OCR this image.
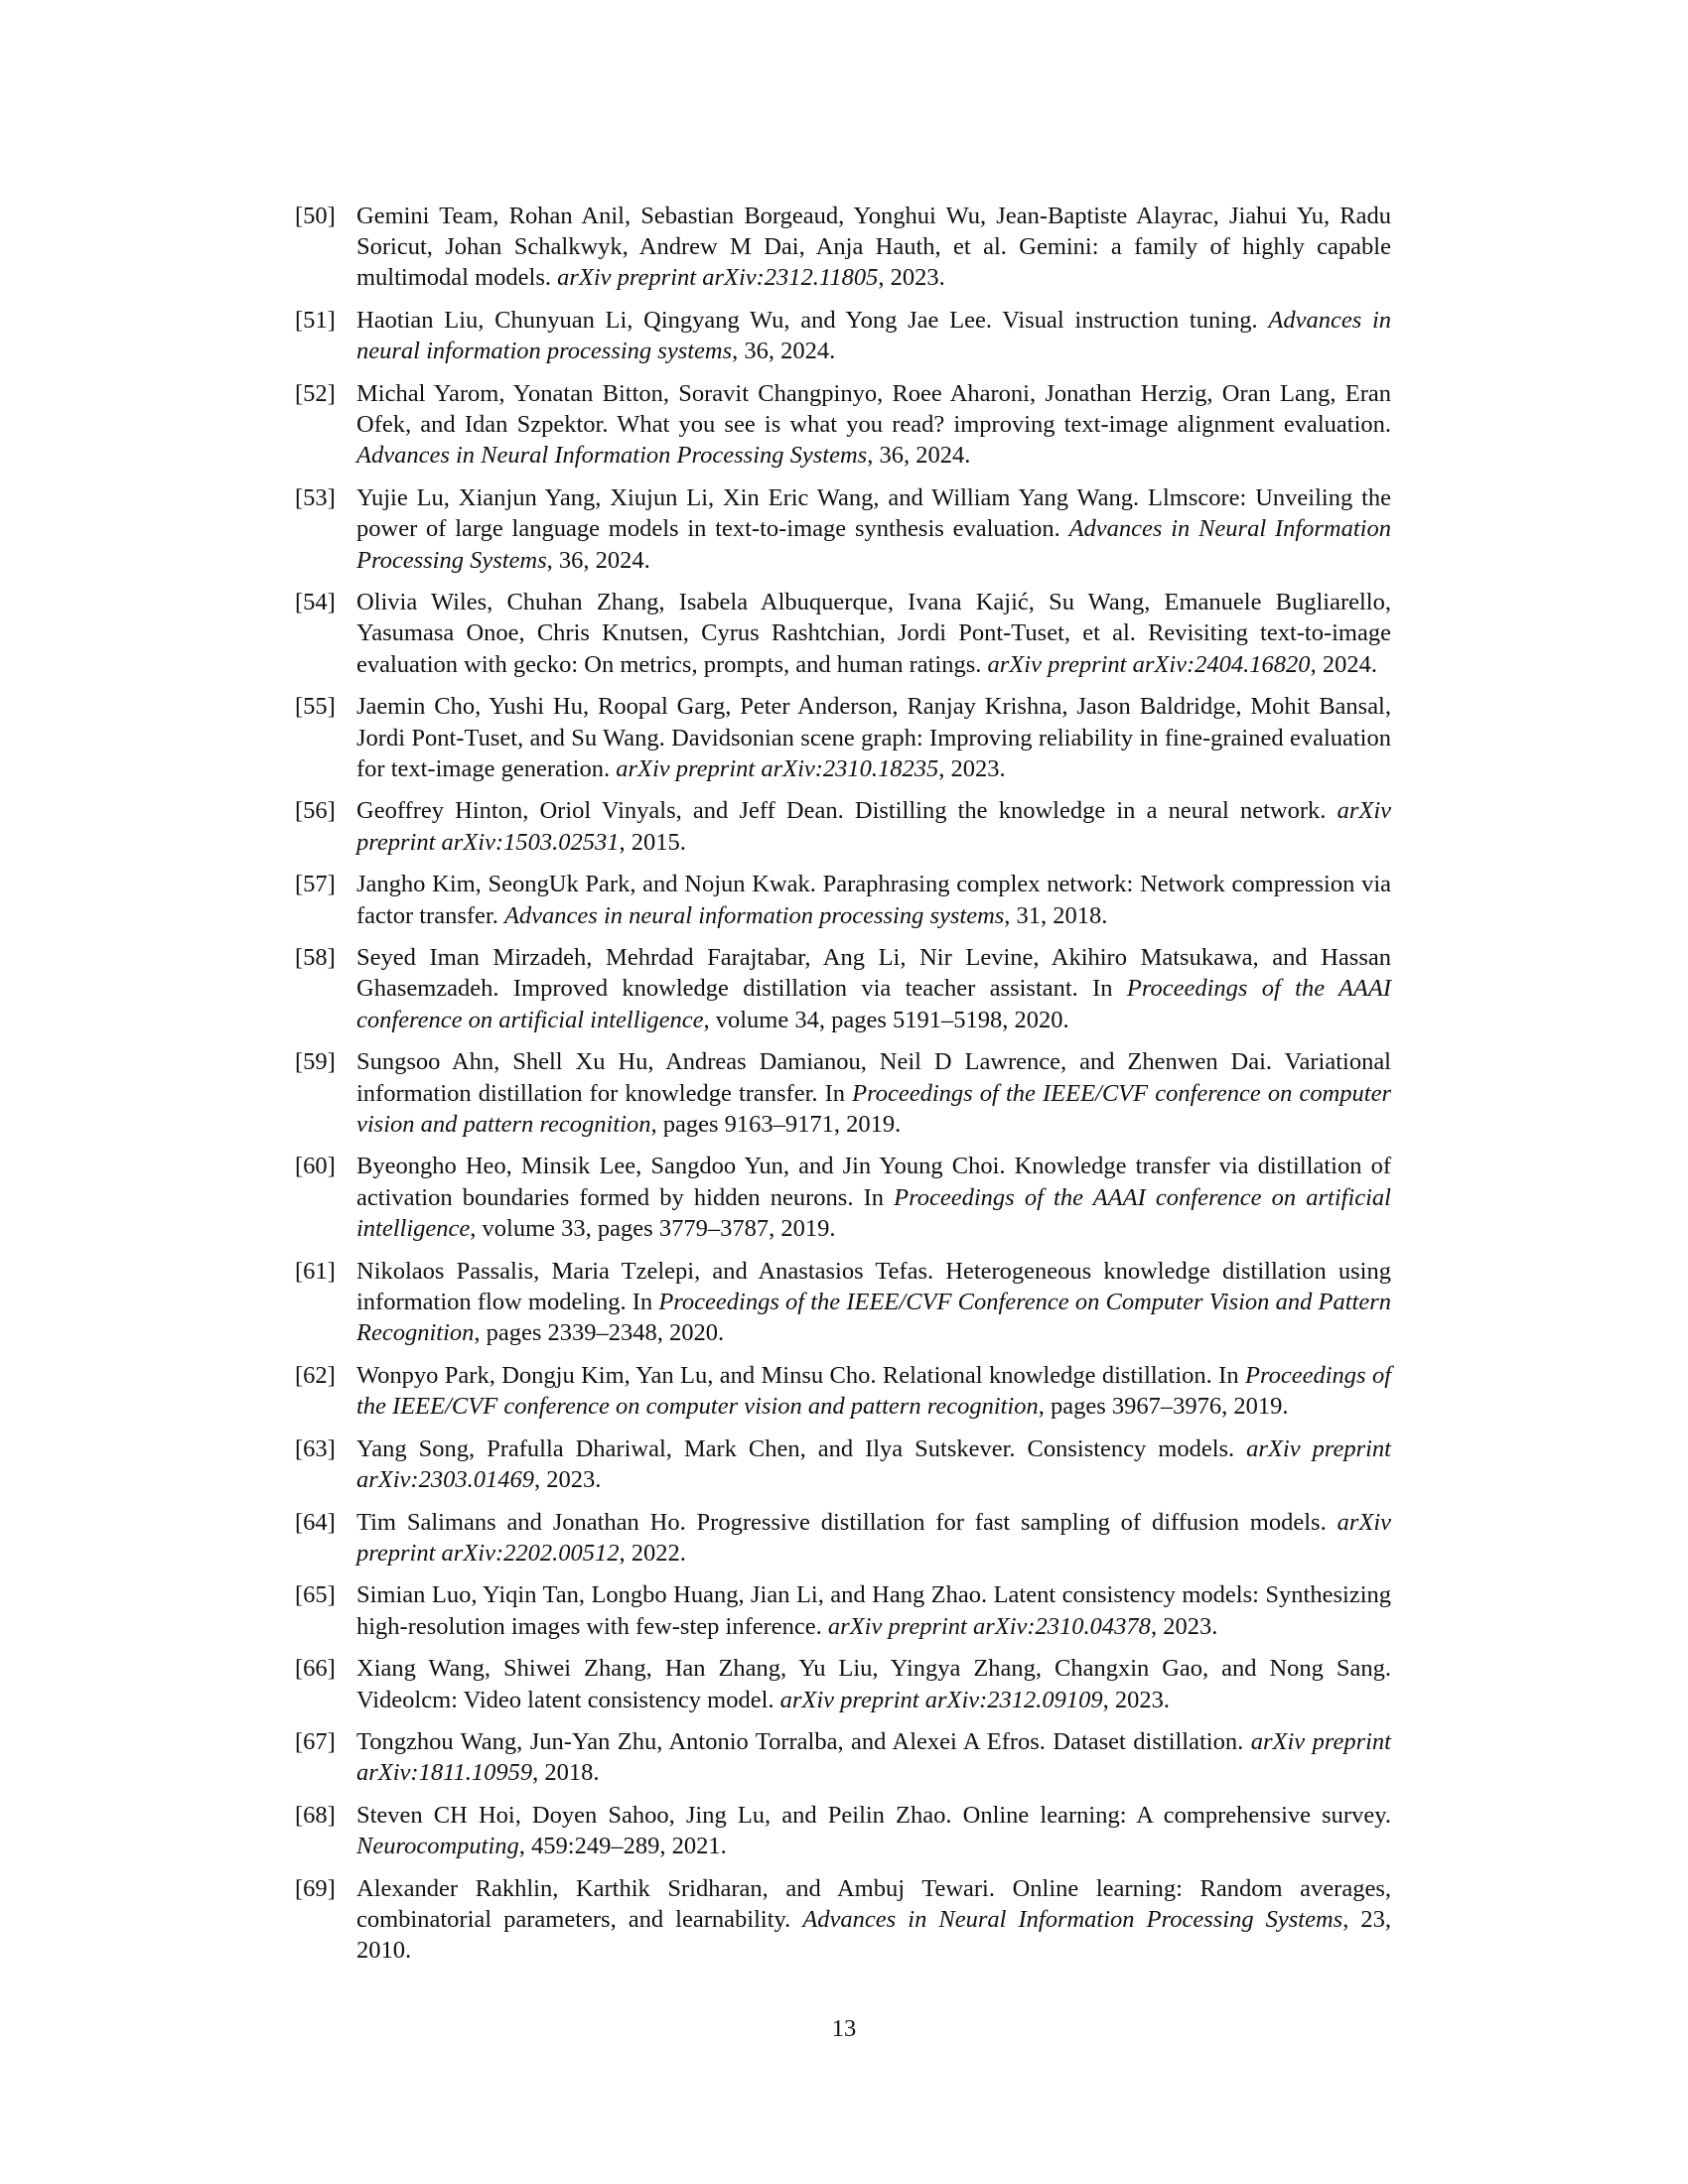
[50] Gemini Team, Rohan Anil, Sebastian Borgeaud, Yonghui Wu, Jean-Baptiste Alayrac, Jiahui Yu, Radu Soricut, Johan Schalkwyk, Andrew M Dai, Anja Hauth, et al. Gemini: a family of highly capable multimodal models. arXiv preprint arXiv:2312.11805, 2023.
[51] Haotian Liu, Chunyuan Li, Qingyang Wu, and Yong Jae Lee. Visual instruction tuning. Advances in neural information processing systems, 36, 2024.
[52] Michal Yarom, Yonatan Bitton, Soravit Changpinyo, Roee Aharoni, Jonathan Herzig, Oran Lang, Eran Ofek, and Idan Szpektor. What you see is what you read? improving text-image alignment evaluation. Advances in Neural Information Processing Systems, 36, 2024.
[53] Yujie Lu, Xianjun Yang, Xiujun Li, Xin Eric Wang, and William Yang Wang. Llmscore: Unveiling the power of large language models in text-to-image synthesis evaluation. Advances in Neural Information Processing Systems, 36, 2024.
[54] Olivia Wiles, Chuhan Zhang, Isabela Albuquerque, Ivana Kajić, Su Wang, Emanuele Bugliarello, Yasumasa Onoe, Chris Knutsen, Cyrus Rashtchian, Jordi Pont-Tuset, et al. Revisiting text-to-image evaluation with gecko: On metrics, prompts, and human ratings. arXiv preprint arXiv:2404.16820, 2024.
[55] Jaemin Cho, Yushi Hu, Roopal Garg, Peter Anderson, Ranjay Krishna, Jason Baldridge, Mohit Bansal, Jordi Pont-Tuset, and Su Wang. Davidsonian scene graph: Improving reliability in fine-grained evaluation for text-image generation. arXiv preprint arXiv:2310.18235, 2023.
[56] Geoffrey Hinton, Oriol Vinyals, and Jeff Dean. Distilling the knowledge in a neural network. arXiv preprint arXiv:1503.02531, 2015.
[57] Jangho Kim, SeongUk Park, and Nojun Kwak. Paraphrasing complex network: Network compression via factor transfer. Advances in neural information processing systems, 31, 2018.
[58] Seyed Iman Mirzadeh, Mehrdad Farajtabar, Ang Li, Nir Levine, Akihiro Matsukawa, and Hassan Ghasemzadeh. Improved knowledge distillation via teacher assistant. In Proceedings of the AAAI conference on artificial intelligence, volume 34, pages 5191–5198, 2020.
[59] Sungsoo Ahn, Shell Xu Hu, Andreas Damianou, Neil D Lawrence, and Zhenwen Dai. Variational information distillation for knowledge transfer. In Proceedings of the IEEE/CVF conference on computer vision and pattern recognition, pages 9163–9171, 2019.
[60] Byeongho Heo, Minsik Lee, Sangdoo Yun, and Jin Young Choi. Knowledge transfer via distillation of activation boundaries formed by hidden neurons. In Proceedings of the AAAI conference on artificial intelligence, volume 33, pages 3779–3787, 2019.
[61] Nikolaos Passalis, Maria Tzelepi, and Anastasios Tefas. Heterogeneous knowledge distillation using information flow modeling. In Proceedings of the IEEE/CVF Conference on Computer Vision and Pattern Recognition, pages 2339–2348, 2020.
[62] Wonpyo Park, Dongju Kim, Yan Lu, and Minsu Cho. Relational knowledge distillation. In Proceedings of the IEEE/CVF conference on computer vision and pattern recognition, pages 3967–3976, 2019.
[63] Yang Song, Prafulla Dhariwal, Mark Chen, and Ilya Sutskever. Consistency models. arXiv preprint arXiv:2303.01469, 2023.
[64] Tim Salimans and Jonathan Ho. Progressive distillation for fast sampling of diffusion models. arXiv preprint arXiv:2202.00512, 2022.
[65] Simian Luo, Yiqin Tan, Longbo Huang, Jian Li, and Hang Zhao. Latent consistency models: Synthesizing high-resolution images with few-step inference. arXiv preprint arXiv:2310.04378, 2023.
[66] Xiang Wang, Shiwei Zhang, Han Zhang, Yu Liu, Yingya Zhang, Changxin Gao, and Nong Sang. Videolcm: Video latent consistency model. arXiv preprint arXiv:2312.09109, 2023.
[67] Tongzhou Wang, Jun-Yan Zhu, Antonio Torralba, and Alexei A Efros. Dataset distillation. arXiv preprint arXiv:1811.10959, 2018.
[68] Steven CH Hoi, Doyen Sahoo, Jing Lu, and Peilin Zhao. Online learning: A comprehensive survey. Neurocomputing, 459:249–289, 2021.
[69] Alexander Rakhlin, Karthik Sridharan, and Ambuj Tewari. Online learning: Random averages, combinatorial parameters, and learnability. Advances in Neural Information Processing Systems, 23, 2010.
13
